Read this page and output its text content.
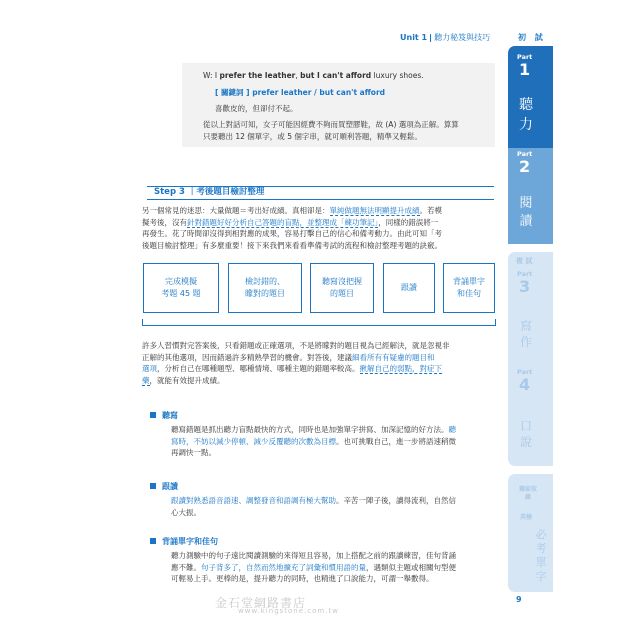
Unit 1 聽力秘笈與技巧	初 試
Part
1
聽力
Part
2
閱讀
複 試
Part
3
寫作
Part
4
口說
獨家收錄
英檢
必考單字
W: I prefer the leather, but I can't afford luxury shoes.
[ 關鍵詞 ] prefer leather / but can't afford
喜歡皮的，但卻付不起。
從以上對話可知，女子可能因經費不夠而買塑膠鞋，故 (A) 選項為正解。算算
只要聽出 12 個單字，或 5 個字串，就可順利答題，精準又輕鬆。
Step 3 ｜考後題目檢討整理
另一個常見的迷思：大量做題＝考出好成績。真相卻是：單純做題無法明顯提升成績。若模
擬考後，沒有針對錯題好好分析自己答題的盲點，並整理成「練功筆記」，同樣的錯誤將一
再發生。花了時間卻沒得到相對應的成果，容易打擊自己的信心和備考動力。由此可知「考
後題目檢討整理」有多麼重要！接下來我們來看看準備考試的流程和檢討整理考題的訣竅。
完成模擬
考題 45 題
檢討錯的、
矇對的題目
聽寫沒把握
的題目
跟讀
背誦單字
和佳句
許多人習慣對完答案後，只看錯題或正確選項，不是將矇對的題目視為已經解決，就是忽視非
正解的其他選項，因而錯過許多精熟學習的機會。對答後，建議細看所有有疑慮的題目和
選項，分析自己在哪種題型、哪種情境、哪種主題的錯題率較高。揪解自己的弱點，對症下
藥，就能有效提升成績。
聽寫
聽寫錯題是抓出聽力盲點最快的方式，同時也是加強單字拼寫、加深記憶的好方法。聽
寫時，不妨以減少停頓、減少反覆聽的次數為目標。也可挑戰自己，進一步將語速稍微
再調快一點。
跟讀
跟讀對熟悉語音語速、調整發音和語調有極大幫助。辛苦一陣子後，讀得流利，自然信
心大振。
背誦單字和佳句
聽力測驗中的句子遠比閱讀測驗的來得短且容易，加上搭配之前的跟讀練習，佳句背誦
應不難。句子背多了，自然而然地擴充了詞彙和慣用語的量，遇類似主題或相關句型便
可輕易上手。更棒的是，提升聽力的同時，也精進了口說能力，可謂一舉數得。
金石堂網路書店
www.kingstone.com.tw
9
